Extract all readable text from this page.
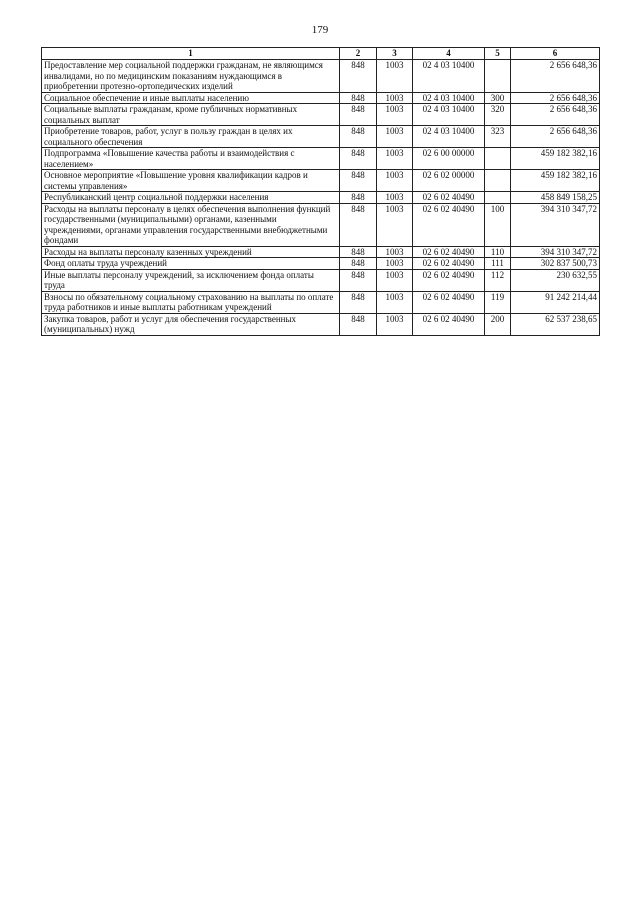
179
1	2	3	4	5	6
Предоставление мер социальной поддержки гражданам, не являющимся инвалидами, но по медицинским показаниям нуждающимся в приобретении протезно-ортопедических изделий	848	1003	02 4 03 10400		2 656 648,36
Социальное обеспечение и иные выплаты населению	848	1003	02 4 03 10400	300	2 656 648,36
Социальные выплаты гражданам, кроме публичных нормативных социальных выплат	848	1003	02 4 03 10400	320	2 656 648,36
Приобретение товаров, работ, услуг в пользу граждан в целях их социального обеспечения	848	1003	02 4 03 10400	323	2 656 648,36
Подпрограмма «Повышение качества работы и взаимодействия с населением»	848	1003	02 6 00 00000		459 182 382,16
Основное мероприятие «Повышение уровня квалификации кадров и системы управления»	848	1003	02 6 02 00000		459 182 382,16
Республиканский центр социальной поддержки населения	848	1003	02 6 02 40490		458 849 158,25
Расходы на выплаты персоналу в целях обеспечения выполнения функций государственными (муниципальными) органами, казенными учреждениями, органами управления государственными внебюджетными фондами	848	1003	02 6 02 40490	100	394 310 347,72
Расходы на выплаты персоналу казенных учреждений	848	1003	02 6 02 40490	110	394 310 347,72
Фонд оплаты труда учреждений	848	1003	02 6 02 40490	111	302 837 500,73
Иные выплаты персоналу учреждений, за исключением фонда оплаты труда	848	1003	02 6 02 40490	112	230 632,55
Взносы по обязательному социальному страхованию на выплаты по оплате труда работников и иные выплаты работникам учреждений	848	1003	02 6 02 40490	119	91 242 214,44
Закупка товаров, работ и услуг для обеспечения государственных (муниципальных) нужд	848	1003	02 6 02 40490	200	62 537 238,65
